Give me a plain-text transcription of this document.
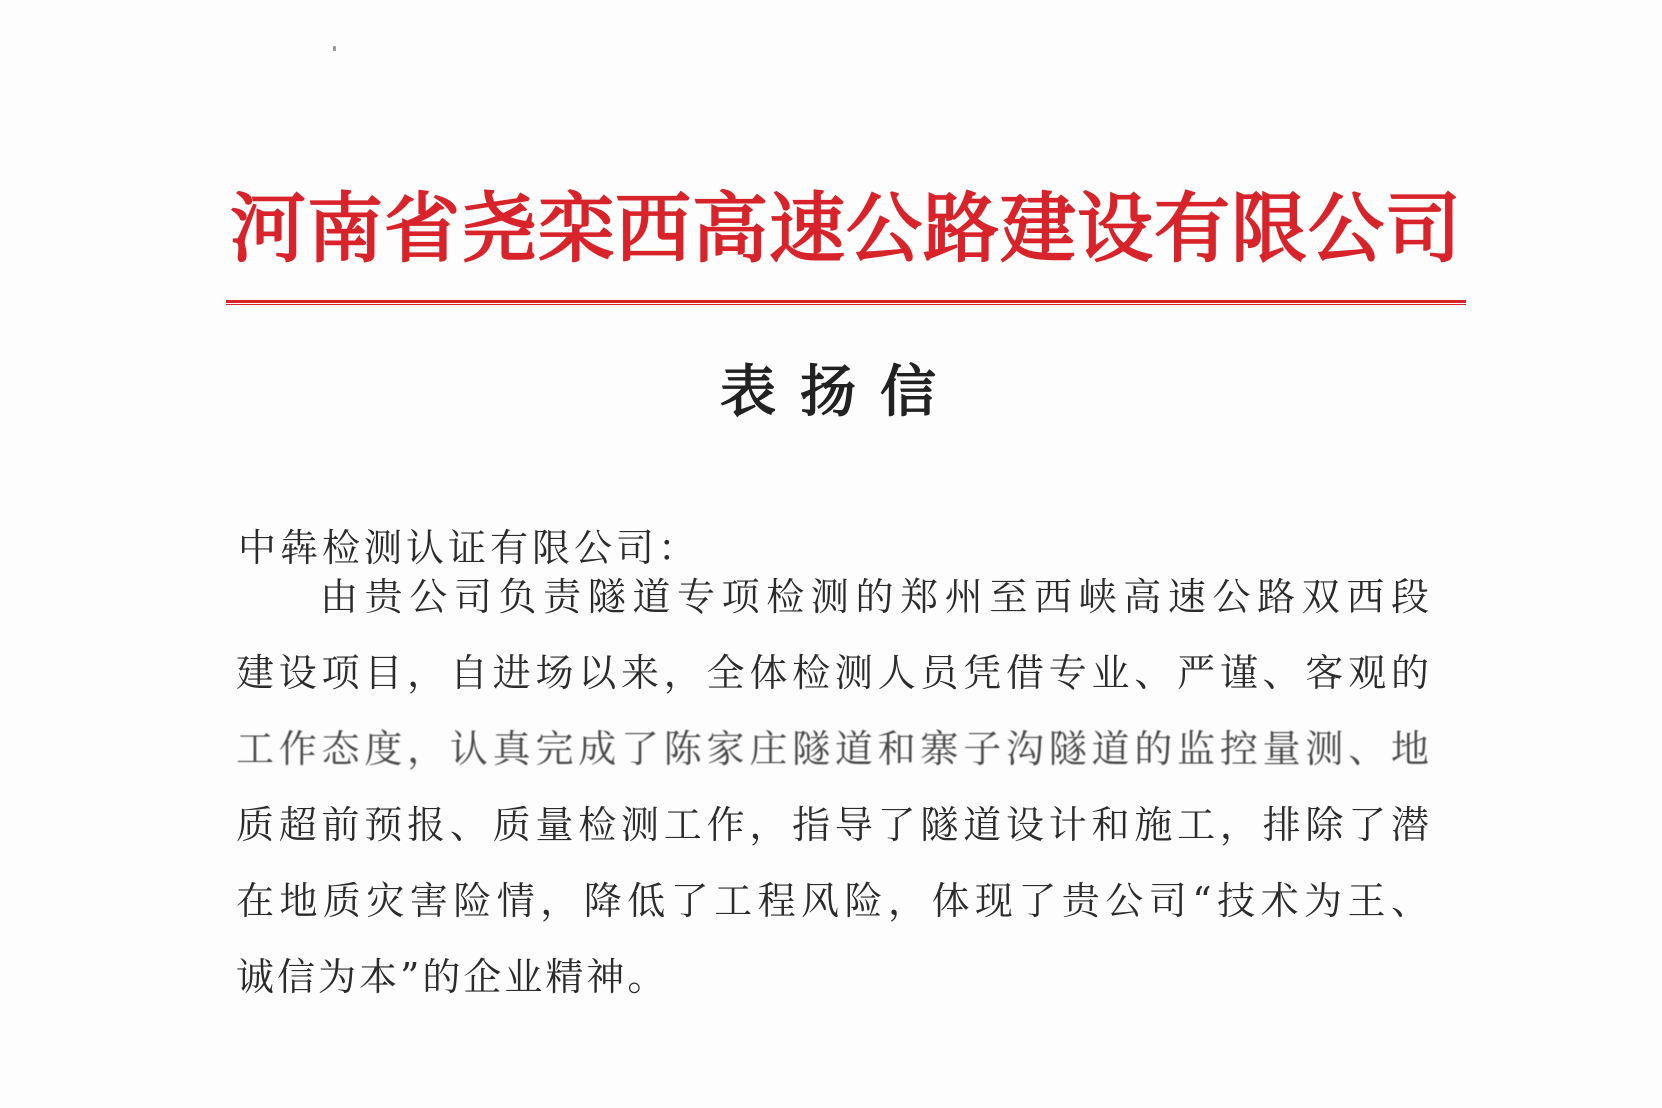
河南省尧栾西高速公路建设有限公司
表扬信
中犇检测认证有限公司：
由贵公司负责隧道专项检测的郑州至西峡高速公路双西段
建设项目，自进场以来，全体检测人员凭借专业、严谨、客观的
工作态度，认真完成了陈家庄隧道和寨子沟隧道的监控量测、地
质超前预报、质量检测工作，指导了隧道设计和施工，排除了潜
在地质灾害险情，降低了工程风险，体现了贵公司“技术为王、
诚信为本”的企业精神。
